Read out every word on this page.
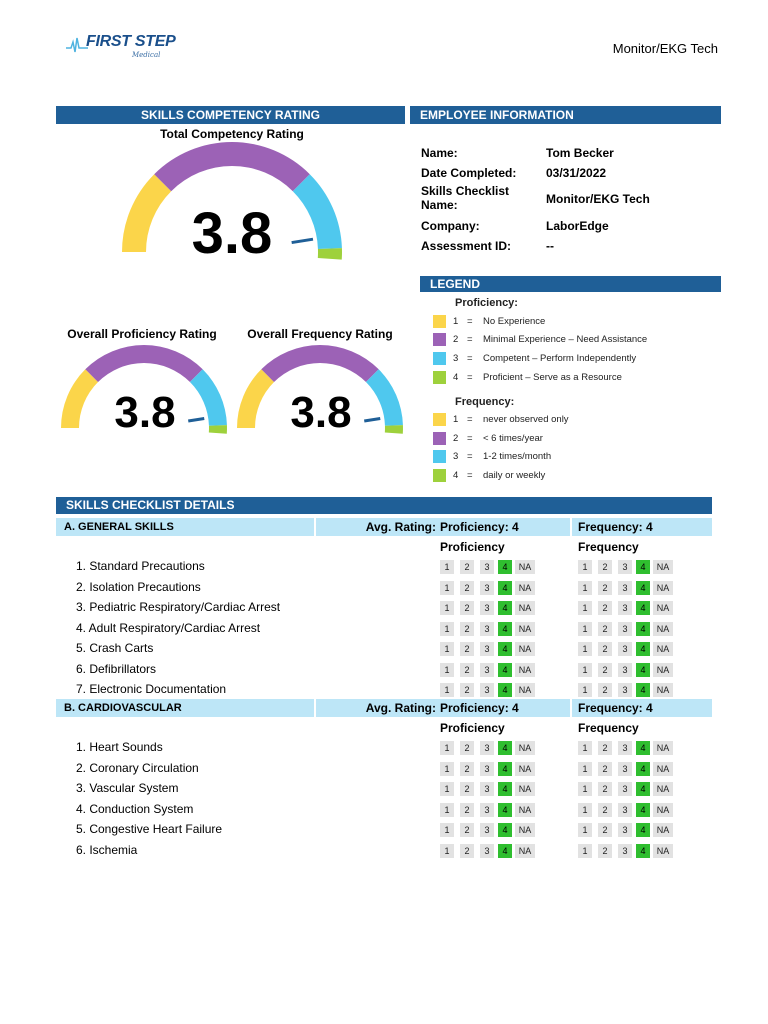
FIRST STEP
Medical	Monitor/EKG Tech
SKILLS COMPETENCY RATING	EMPLOYEE INFORMATION
Total Competency Rating
3.8
Overall Proficiency Rating
3.8
Overall Frequency Rating
3.8
Name:	Tom Becker
Date Completed:	03/31/2022
Skills Checklist Name:	Monitor/EKG Tech
Company:	LaborEdge
Assessment ID:	--
LEGEND
Proficiency:
Frequency:
1 = No Experience
2 = Minimal Experience – Need Assistance
3 = Competent – Perform Independently
4 = Proficient – Serve as a Resource
1 = never observed only
2 = < 6 times/year
3 = 1-2 times/month
4 = daily or weekly
SKILLS CHECKLIST DETAILS
A. GENERAL SKILLS	Avg. Rating: Proficiency: 4	Frequency: 4
Proficiency	Frequency
1. Standard Precautions	1	2	3	4	NA	1	2	3	4	NA
2. Isolation Precautions	1	2	3	4	NA	1	2	3	4	NA
3. Pediatric Respiratory/Cardiac Arrest	1	2	3	4	NA	1	2	3	4	NA
4. Adult Respiratory/Cardiac Arrest	1	2	3	4	NA	1	2	3	4	NA
5. Crash Carts	1	2	3	4	NA	1	2	3	4	NA
6. Defibrillators	1	2	3	4	NA	1	2	3	4	NA
7. Electronic Documentation	1	2	3	4	NA	1	2	3	4	NA
B. CARDIOVASCULAR	Avg. Rating: Proficiency: 4	Frequency: 4
Proficiency	Frequency
1. Heart Sounds	1	2	3	4	NA	1	2	3	4	NA
2. Coronary Circulation	1	2	3	4	NA	1	2	3	4	NA
3. Vascular System	1	2	3	4	NA	1	2	3	4	NA
4. Conduction System	1	2	3	4	NA	1	2	3	4	NA
5. Congestive Heart Failure	1	2	3	4	NA	1	2	3	4	NA
6. Ischemia	1	2	3	4	NA	1	2	3	4	NA
